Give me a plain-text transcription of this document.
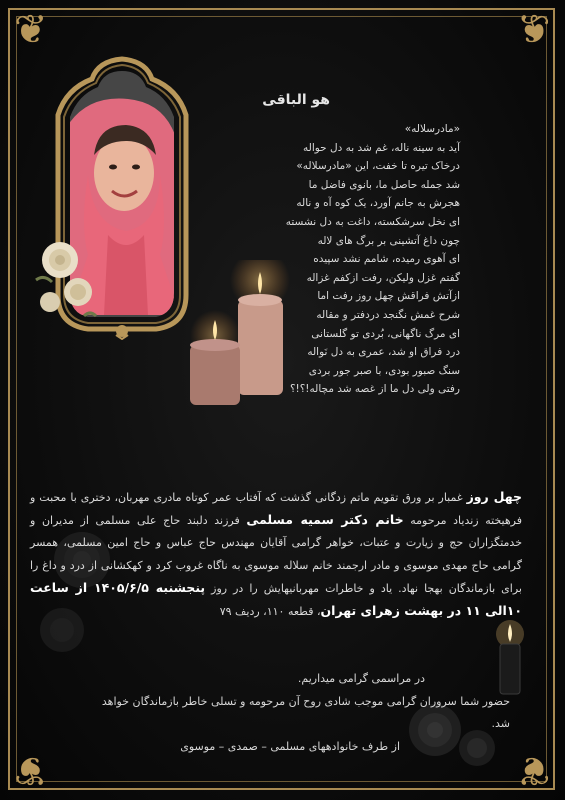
❦	❦
❦	❦
هو الباقی
«مادرسلاله»
آید به سینه ناله، غم شد به دل حواله
درخاک تیره تا خفت، این «مادرسلاله»
شد جمله حاصل ما، بانوی فاضل ما
هجرش به جانم آورد، یک کوه آه و ناله
ای نخل سرشکسته، داغت به دل نشسته
چون داغ آتشینی بر برگ های لاله
ای آهوی رمیده، شامم نشد سپیده
گفتم غزل ولیکن، رفت ازکفم غزاله
ازآتش فراقش چهل روز رفت اما
شرح غمش نگنجد دردفتر و مقاله
ای مرگ ناگهانی، بُردی تو گلستانی
درد فراق او شد، عمری به دل نَواله
سنگ صبور بودی، با صبر جور بردی
رفتی ولی دل ما از غصه شد مچاله!؟!؟
چهل روز غمبار بر ورق تقویم ماتم زدگانی گذشت که آفتاب عمر کوتاه مادری مهربان، دختری با محبت و فرهیخته زندیاد مرحومه خانم دکتر سمیه مسلمی فرزند دلبند حاج علی مسلمی از مدیران و خدمتگزاران حج و زیارت و عتبات، خواهر گرامی آقایان مهندس حاج عباس و حاج امین مسلمی، همسر گرامی حاج مهدی موسوی و مادر ارجمند خانم سلاله موسوی به ناگاه غروب کرد و کهکشانی از درد و داغ را برای بازماندگان بهجا نهاد. یاد و خاطرات مهربانیهایش را در روز پنجشنبه ۱۴۰۵/۶/۵ از ساعت ۱۰الی ۱۱ در بهشت زهرای تهران، قطعه ۱۱۰، ردیف ۷۹
در مراسمی گرامی میداریم.
حضور شما سروران گرامی موجب شادی روح آن مرحومه و تسلی خاطر بازماندگان خواهد شد.
از طرف خانوادههای مسلمی – صمدی – موسوی
